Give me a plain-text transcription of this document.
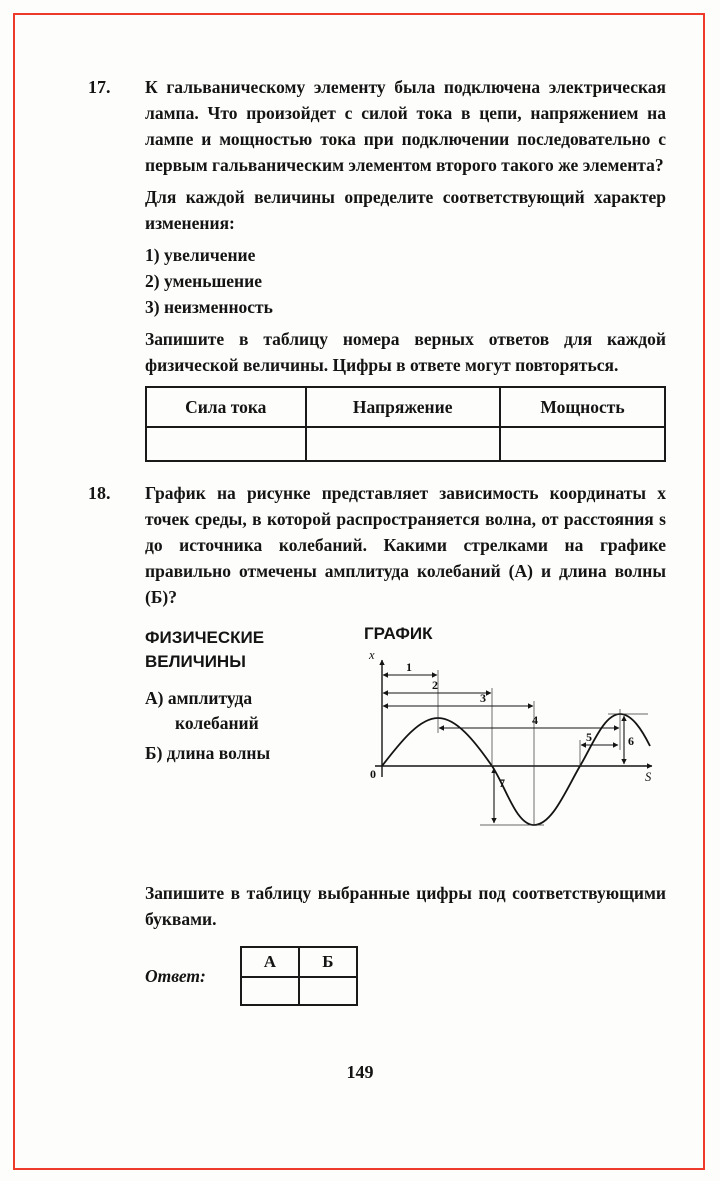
17.	К гальваническому элементу была подключена электрическая лампа. Что произойдет с силой тока в цепи, напряжением на лампе и мощностью тока при подключении последовательно с первым гальваническим элементом второго такого же элемента?

Для каждой величины определите соответствующий характер изменения:

1) увеличение
2) уменьшение
3) неизменность

Запишите в таблицу номера верных ответов для каждой физической величины. Цифры в ответе могут повторяться.

Сила тока	Напряжение	Мощность

18.	График на рисунке представляет зависимость координаты x точек среды, в которой распространяется волна, от расстояния s до источника колебаний. Какими стрелками на графике правильно отмечены амплитуда колебаний (А) и длина волны (Б)?

ФИЗИЧЕСКИЕ ВЕЛИЧИНЫ
А) амплитуда колебаний
Б) длина волны
ГРАФИК
x
S
0
1
2
3
4
5	6
7

Запишите в таблицу выбранные цифры под соответствующими буквами.

Ответ:
А	Б

149
